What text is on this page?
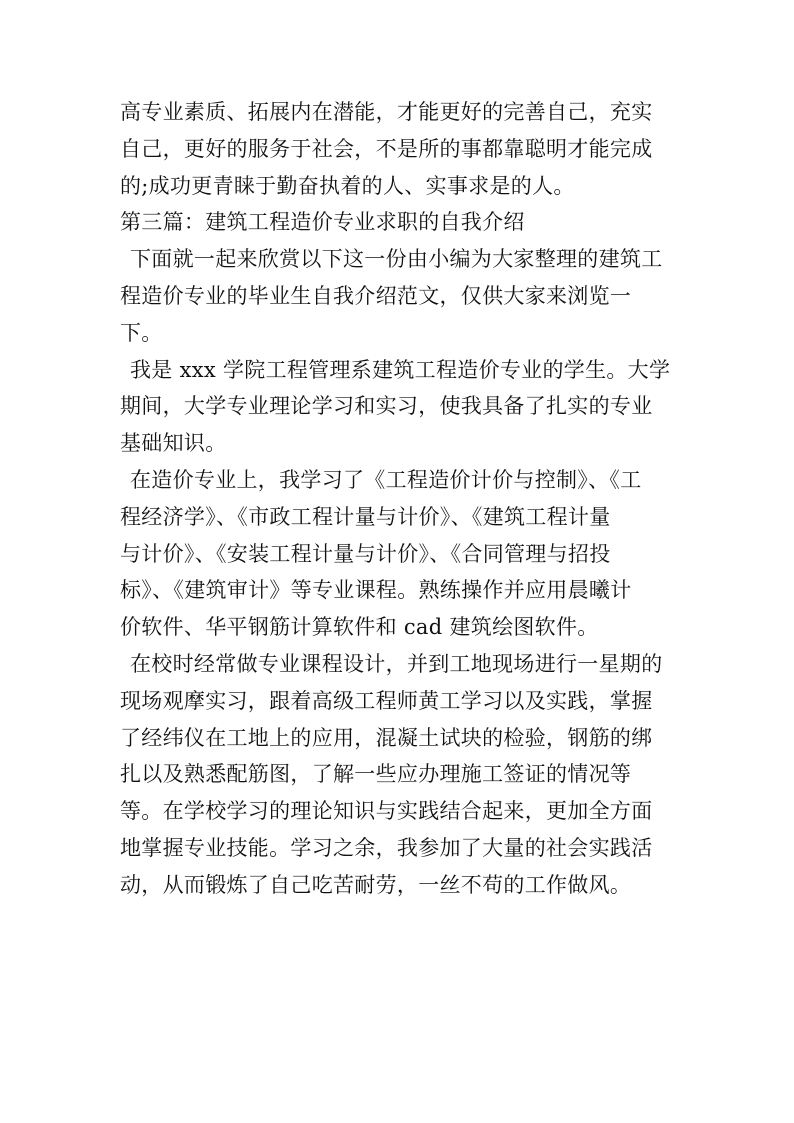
高专业素质、拓展内在潜能，才能更好的完善自己，充实
自己，更好的服务于社会，不是所的事都靠聪明才能完成
的;成功更青睐于勤奋执着的人、实事求是的人。
第三篇：建筑工程造价专业求职的自我介绍
下面就一起来欣赏以下这一份由小编为大家整理的建筑工
程造价专业的毕业生自我介绍范文，仅供大家来浏览一
下。
我是 xxx 学院工程管理系建筑工程造价专业的学生。大学
期间，大学专业理论学习和实习，使我具备了扎实的专业
基础知识。
在造价专业上，我学习了《工程造价计价与控制》、《工
程经济学》、《市政工程计量与计价》、《建筑工程计量
与计价》、《安装工程计量与计价》、《合同管理与招投
标》、《建筑审计》等专业课程。熟练操作并应用晨曦计
价软件、华平钢筋计算软件和 cad 建筑绘图软件。
在校时经常做专业课程设计，并到工地现场进行一星期的
现场观摩实习，跟着高级工程师黄工学习以及实践，掌握
了经纬仪在工地上的应用，混凝土试块的检验，钢筋的绑
扎以及熟悉配筋图，了解一些应办理施工签证的情况等
等。在学校学习的理论知识与实践结合起来，更加全方面
地掌握专业技能。学习之余，我参加了大量的社会实践活
动，从而锻炼了自己吃苦耐劳，一丝不苟的工作做风。
